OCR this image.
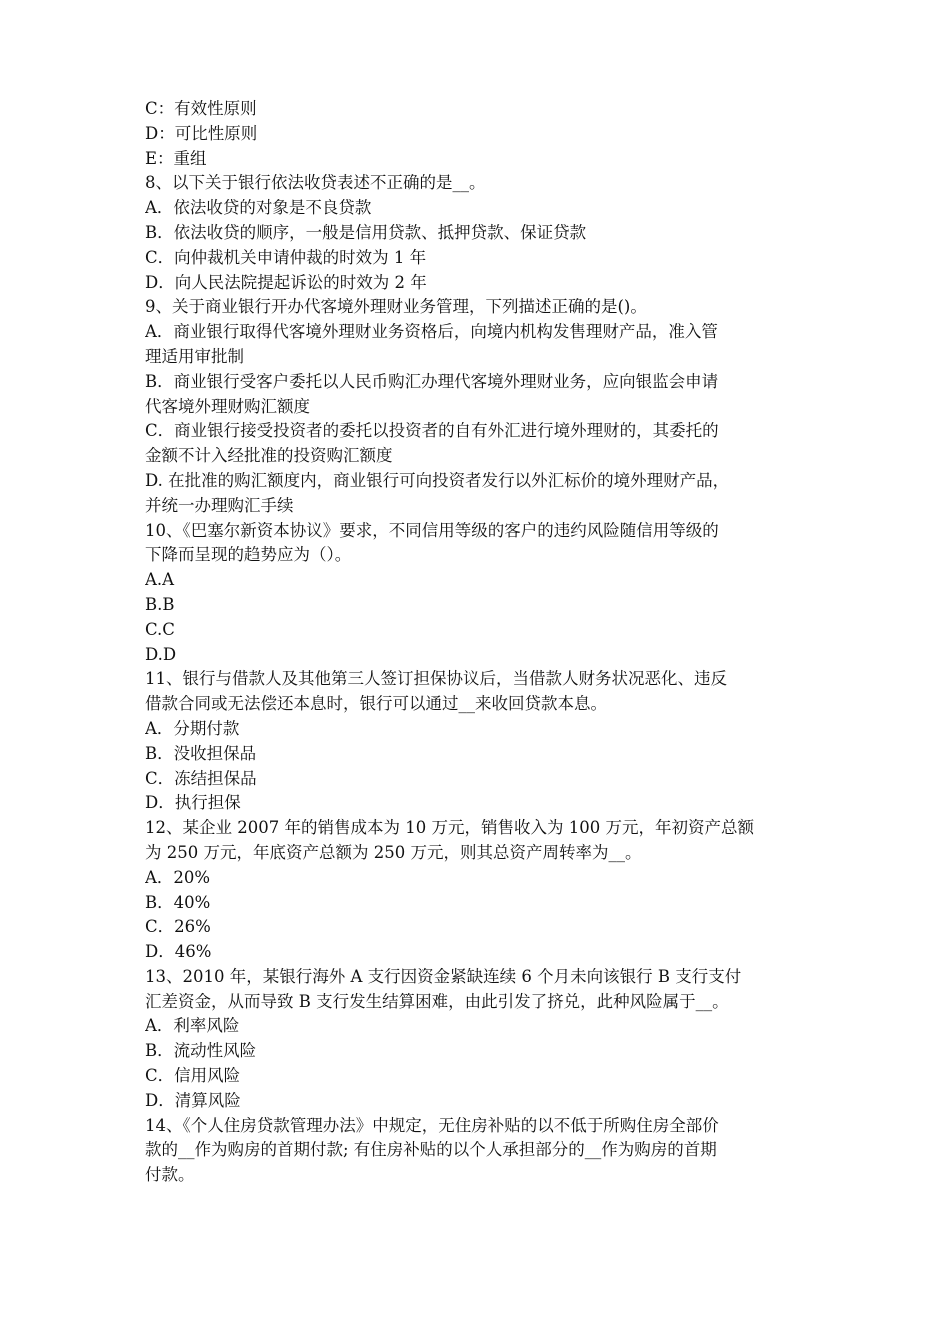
C：有效性原则
D：可比性原则
E：重组
8、以下关于银行依法收贷表述不正确的是__。
A．依法收贷的对象是不良贷款
B．依法收贷的顺序，一般是信用贷款、抵押贷款、保证贷款
C．向仲裁机关申请仲裁的时效为 1 年
D．向人民法院提起诉讼的时效为 2 年
9、关于商业银行开办代客境外理财业务管理，下列描述正确的是()。
A．商业银行取得代客境外理财业务资格后，向境内机构发售理财产品，准入管
理适用审批制
B．商业银行受客户委托以人民币购汇办理代客境外理财业务，应向银监会申请
代客境外理财购汇额度
C．商业银行接受投资者的委托以投资者的自有外汇进行境外理财的，其委托的
金额不计入经批准的投资购汇额度
D. 在批准的购汇额度内，商业银行可向投资者发行以外汇标价的境外理财产品，
并统一办理购汇手续
10、《巴塞尔新资本协议》要求，不同信用等级的客户的违约风险随信用等级的
下降而呈现的趋势应为（）。
A.A
B.B
C.C
D.D
11、银行与借款人及其他第三人签订担保协议后，当借款人财务状况恶化、违反
借款合同或无法偿还本息时，银行可以通过__来收回贷款本息。
A．分期付款
B．没收担保品
C．冻结担保品
D．执行担保
12、某企业 2007 年的销售成本为 10 万元，销售收入为 100 万元，年初资产总额
为 250 万元，年底资产总额为 250 万元，则其总资产周转率为__。
A．20%
B．40%
C．26%
D．46%
13、2010 年，某银行海外 A 支行因资金紧缺连续 6 个月未向该银行 B 支行支付
汇差资金，从而导致 B 支行发生结算困难，由此引发了挤兑，此种风险属于__。
A．利率风险
B．流动性风险
C．信用风险
D．清算风险
14、《个人住房贷款管理办法》中规定，无住房补贴的以不低于所购住房全部价
款的__作为购房的首期付款; 有住房补贴的以个人承担部分的__作为购房的首期
付款。
